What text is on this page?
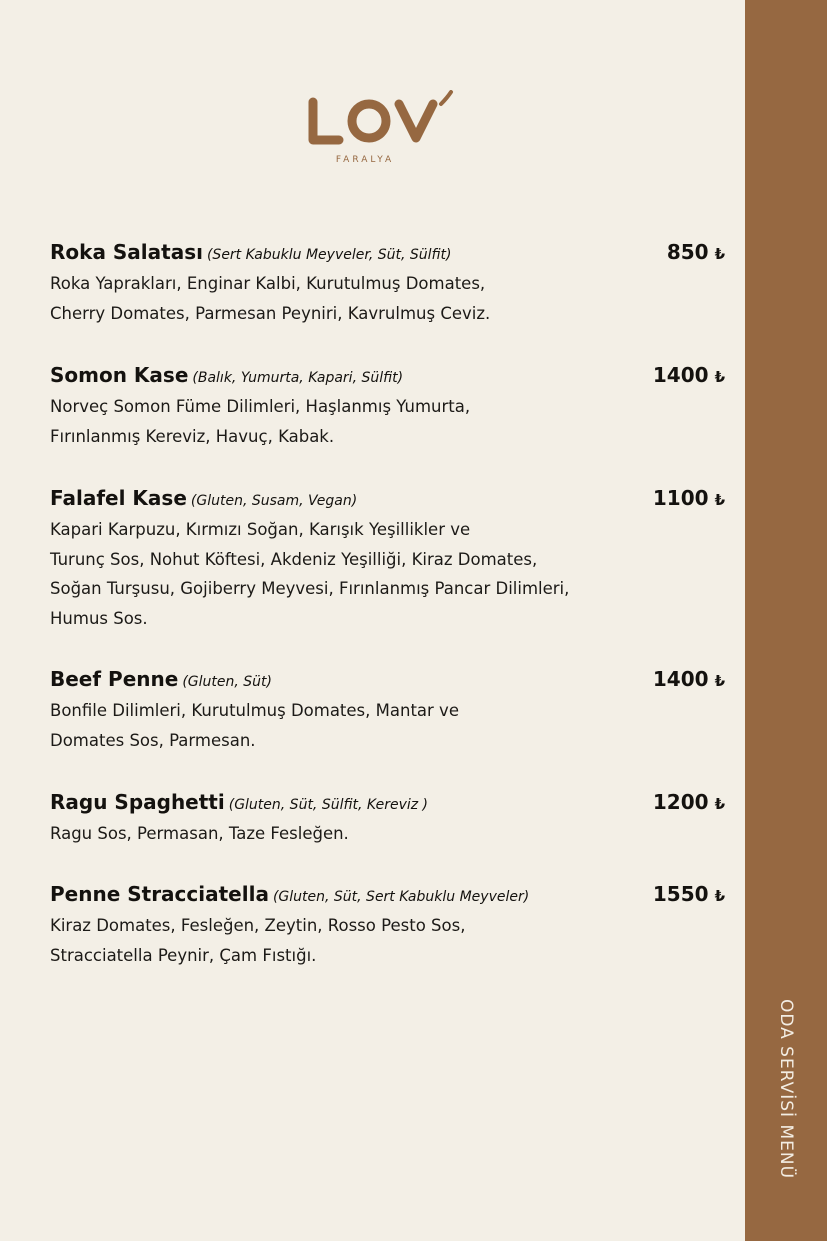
FARALYA
Roka Salatası (Sert Kabuklu Meyveler, Süt, Sülfit)	850 ₺
Roka Yaprakları, Enginar Kalbi, Kurutulmuş Domates,
Cherry Domates, Parmesan Peyniri, Kavrulmuş Ceviz.
Somon Kase (Balık, Yumurta, Kapari, Sülfit)	1400 ₺
Norveç Somon Füme Dilimleri, Haşlanmış Yumurta,
Fırınlanmış Kereviz, Havuç, Kabak.
Falafel Kase (Gluten, Susam, Vegan)	1100 ₺
Kapari Karpuzu, Kırmızı Soğan, Karışık Yeşillikler ve
Turunç Sos, Nohut Köftesi, Akdeniz Yeşilliği, Kiraz Domates,
Soğan Turşusu, Gojiberry Meyvesi, Fırınlanmış Pancar Dilimleri,
Humus Sos.
Beef Penne (Gluten, Süt)	1400 ₺
Bonfile Dilimleri, Kurutulmuş Domates, Mantar ve
Domates Sos, Parmesan.
Ragu Spaghetti (Gluten, Süt, Sülfit, Kereviz )	1200 ₺
Ragu Sos, Permasan, Taze Fesleğen.
Penne Stracciatella (Gluten, Süt, Sert Kabuklu Meyveler)	1550 ₺
Kiraz Domates, Fesleğen, Zeytin, Rosso Pesto Sos,
Stracciatella Peynir, Çam Fıstığı.
ODA SERVİSİ MENÜ
